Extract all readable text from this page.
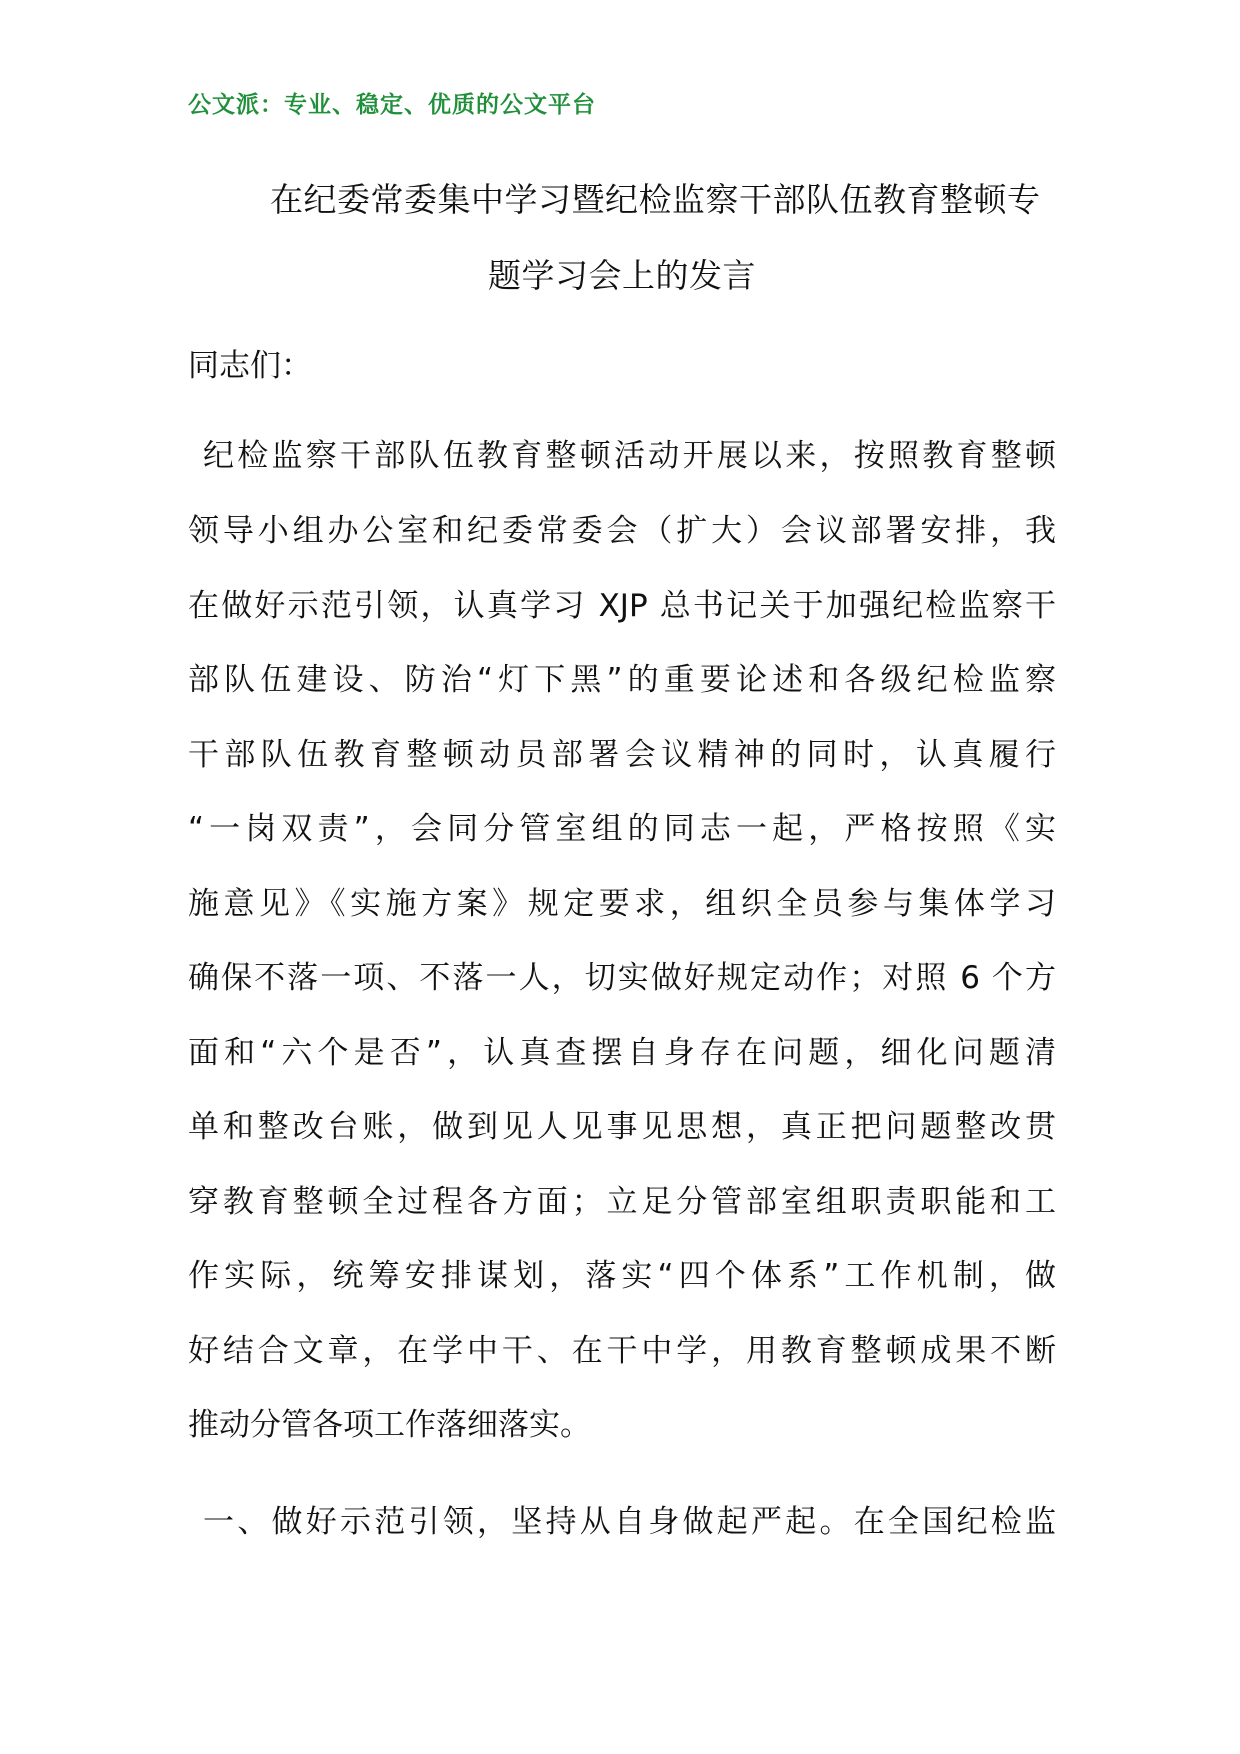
公文派：专业、稳定、优质的公文平台
在纪委常委集中学习暨纪检监察干部队伍教育整顿专
题学习会上的发言
同志们：
纪检监察干部队伍教育整顿活动开展以来，按照教育整顿
领导小组办公室和纪委常委会（扩大）会议部署安排，我
在做好示范引领，认真学习 XJP 总书记关于加强纪检监察干
部队伍建设、防治“灯下黑”的重要论述和各级纪检监察
干部队伍教育整顿动员部署会议精神的同时，认真履行
“一岗双责”，会同分管室组的同志一起，严格按照《实
施意见》《实施方案》规定要求，组织全员参与集体学习
确保不落一项、不落一人，切实做好规定动作；对照 6 个方
面和“六个是否”，认真查摆自身存在问题，细化问题清
单和整改台账，做到见人见事见思想，真正把问题整改贯
穿教育整顿全过程各方面；立足分管部室组职责职能和工
作实际，统筹安排谋划，落实“四个体系”工作机制，做
好结合文章，在学中干、在干中学，用教育整顿成果不断
推动分管各项工作落细落实。
一、做好示范引领，坚持从自身做起严起。在全国纪检监
